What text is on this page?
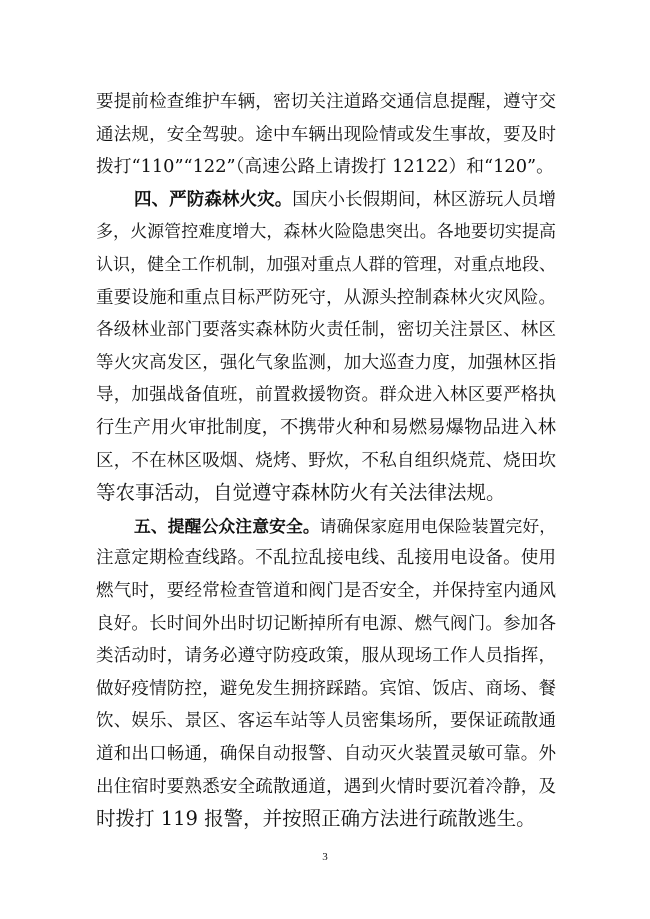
要提前检查维护车辆，密切关注道路交通信息提醒，遵守交
通法规，安全驾驶。途中车辆出现险情或发生事故，要及时
拨打“110”“122”（高速公路上请拨打 12122）和“120”。
四、严防森林火灾。国庆小长假期间，林区游玩人员增
多，火源管控难度增大，森林火险隐患突出。各地要切实提高
认识，健全工作机制，加强对重点人群的管理，对重点地段、
重要设施和重点目标严防死守，从源头控制森林火灾风险。
各级林业部门要落实森林防火责任制，密切关注景区、林区
等火灾高发区，强化气象监测，加大巡查力度，加强林区指
导，加强战备值班，前置救援物资。群众进入林区要严格执
行生产用火审批制度，不携带火种和易燃易爆物品进入林
区，不在林区吸烟、烧烤、野炊，不私自组织烧荒、烧田坎
等农事活动，自觉遵守森林防火有关法律法规。
五、提醒公众注意安全。请确保家庭用电保险装置完好，
注意定期检查线路。不乱拉乱接电线、乱接用电设备。使用
燃气时，要经常检查管道和阀门是否安全，并保持室内通风
良好。长时间外出时切记断掉所有电源、燃气阀门。参加各
类活动时，请务必遵守防疫政策，服从现场工作人员指挥，
做好疫情防控，避免发生拥挤踩踏。宾馆、饭店、商场、餐
饮、娱乐、景区、客运车站等人员密集场所，要保证疏散通
道和出口畅通，确保自动报警、自动灭火装置灵敏可靠。外
出住宿时要熟悉安全疏散通道，遇到火情时要沉着冷静，及
时拨打 119 报警，并按照正确方法进行疏散逃生。
3
